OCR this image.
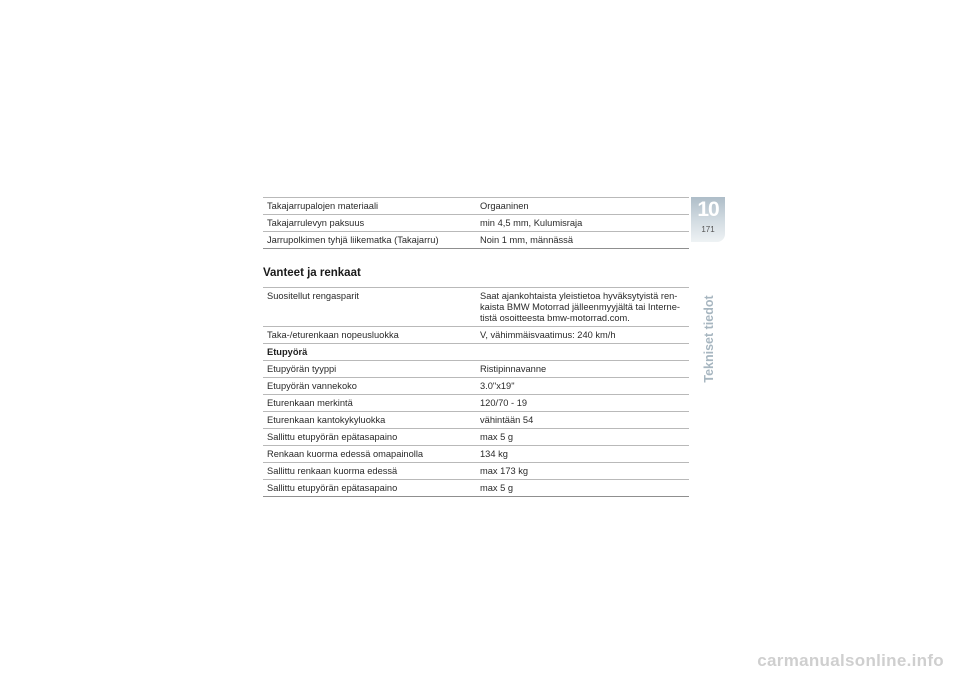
Takajarrupalojen materiaali	Orgaaninen
Takajarrulevyn paksuus	min 4,5 mm, Kulumisraja
Jarrupolkimen tyhjä liikematka (Takajarru)	Noin 1 mm, männässä
Vanteet ja renkaat
Suositellut rengasparit	Saat ajankohtaista yleistietoa hyväksytyistä ren-
kaista BMW Motorrad jälleenmyyjältä tai Interne-
tistä osoitteesta bmw-motorrad.com.
Taka-/eturenkaan nopeusluokka	V, vähimmäisvaatimus: 240 km/h
Etupyörä	
Etupyörän tyyppi	Ristipinnavanne
Etupyörän vannekoko	3.0"x19"
Eturenkaan merkintä	120/70 - 19
Eturenkaan kantokykyluokka	vähintään 54
Sallittu etupyörän epätasapaino	max 5 g
Renkaan kuorma edessä omapainolla	134 kg
Sallittu renkaan kuorma edessä	max 173 kg
Sallittu etupyörän epätasapaino	max 5 g
10
171
Tekniset tiedot
carmanualsonline.info
